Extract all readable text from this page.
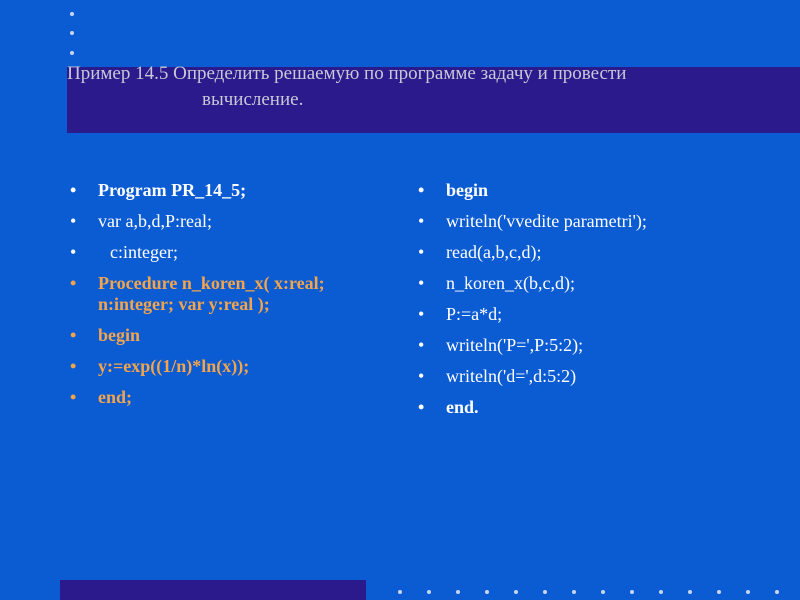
Пример 14.5 Определить решаемую по программе задачу и провести
вычисление.
• Program PR_14_5;
• var a,b,d,P:real;
•	c:integer;
• Procedure n_koren_x( x:real; n:integer; var y:real );
• begin
• y:=exp((1/n)*ln(x));
• end;
• begin
• writeln('vvedite parametri');
• read(a,b,c,d);
• n_koren_x(b,c,d);
• P:=a*d;
• writeln('P=',P:5:2);
• writeln('d=',d:5:2)
• end.
